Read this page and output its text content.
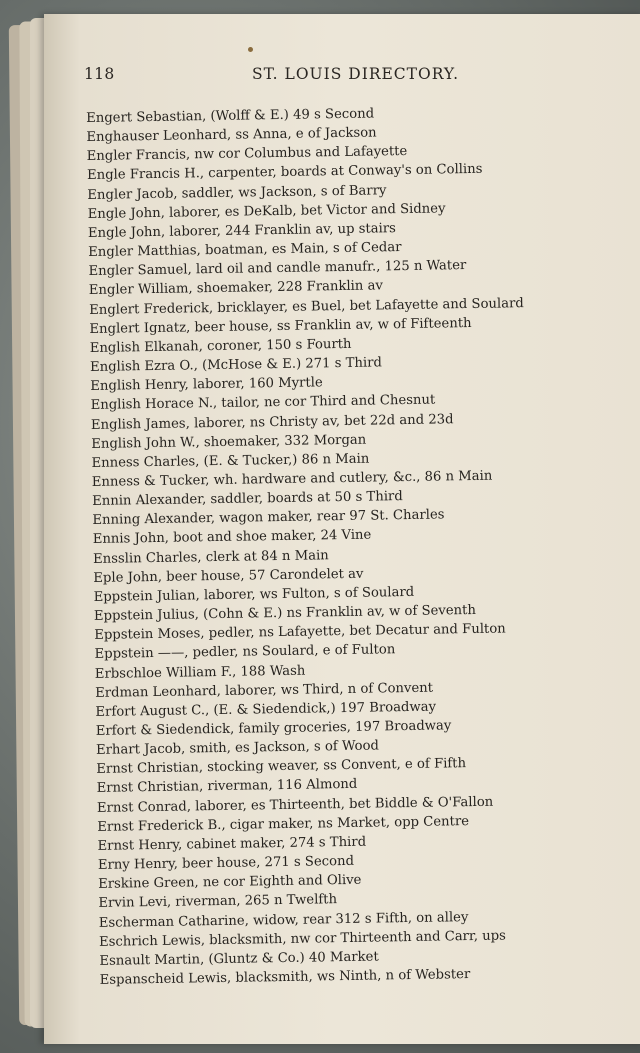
118	ST. LOUIS DIRECTORY.
Engert Sebastian, (Wolff & E.) 49 s Second
Enghauser Leonhard, ss Anna, e of Jackson
Engler Francis, nw cor Columbus and Lafayette
Engle Francis H., carpenter, boards at Conway's on Collins
Engler Jacob, saddler, ws Jackson, s of Barry
Engle John, laborer, es DeKalb, bet Victor and Sidney
Engle John, laborer, 244 Franklin av, up stairs
Engler Matthias, boatman, es Main, s of Cedar
Engler Samuel, lard oil and candle manufr., 125 n Water
Engler William, shoemaker, 228 Franklin av
Englert Frederick, bricklayer, es Buel, bet Lafayette and Soulard
Englert Ignatz, beer house, ss Franklin av, w of Fifteenth
English Elkanah, coroner, 150 s Fourth
English Ezra O., (McHose & E.) 271 s Third
English Henry, laborer, 160 Myrtle
English Horace N., tailor, ne cor Third and Chesnut
English James, laborer, ns Christy av, bet 22d and 23d
English John W., shoemaker, 332 Morgan
Enness Charles, (E. & Tucker,) 86 n Main
Enness & Tucker, wh. hardware and cutlery, &c., 86 n Main
Ennin Alexander, saddler, boards at 50 s Third
Enning Alexander, wagon maker, rear 97 St. Charles
Ennis John, boot and shoe maker, 24 Vine
Ensslin Charles, clerk at 84 n Main
Eple John, beer house, 57 Carondelet av
Eppstein Julian, laborer, ws Fulton, s of Soulard
Eppstein Julius, (Cohn & E.) ns Franklin av, w of Seventh
Eppstein Moses, pedler, ns Lafayette, bet Decatur and Fulton
Eppstein ——, pedler, ns Soulard, e of Fulton
Erbschloe William F., 188 Wash
Erdman Leonhard, laborer, ws Third, n of Convent
Erfort August C., (E. & Siedendick,) 197 Broadway
Erfort & Siedendick, family groceries, 197 Broadway
Erhart Jacob, smith, es Jackson, s of Wood
Ernst Christian, stocking weaver, ss Convent, e of Fifth
Ernst Christian, riverman, 116 Almond
Ernst Conrad, laborer, es Thirteenth, bet Biddle & O'Fallon
Ernst Frederick B., cigar maker, ns Market, opp Centre
Ernst Henry, cabinet maker, 274 s Third
Erny Henry, beer house, 271 s Second
Erskine Green, ne cor Eighth and Olive
Ervin Levi, riverman, 265 n Twelfth
Escherman Catharine, widow, rear 312 s Fifth, on alley
Eschrich Lewis, blacksmith, nw cor Thirteenth and Carr, ups
Esnault Martin, (Gluntz & Co.) 40 Market
Espanscheid Lewis, blacksmith, ws Ninth, n of Webster
